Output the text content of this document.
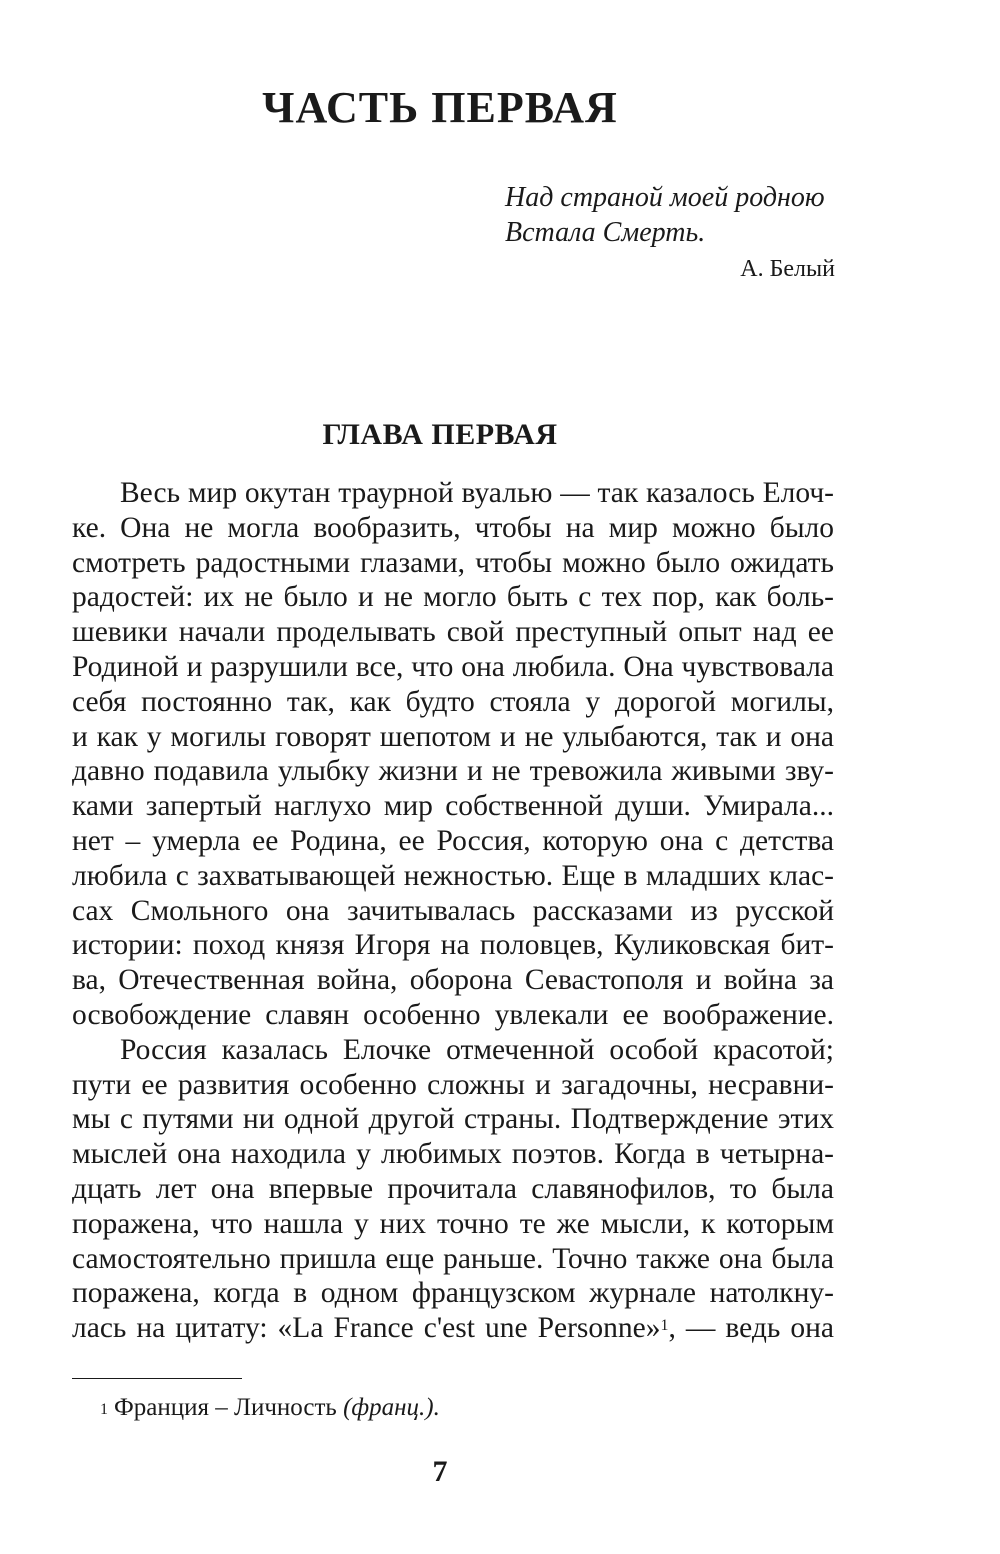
ЧАСТЬ ПЕРВАЯ
Над страной моей родною
Встала Смерть.
А. Белый
ГЛАВА ПЕРВАЯ
Весь мир окутан траурной вуалью — так казалось Елоч-
ке. Она не могла вообразить, чтобы на мир можно было
смотреть радостными глазами, чтобы можно было ожидать
радостей: их не было и не могло быть с тех пор, как боль-
шевики начали проделывать свой преступный опыт над ее
Родиной и разрушили все, что она любила. Она чувствовала
себя постоянно так, как будто стояла у дорогой могилы,
и как у могилы говорят шепотом и не улыбаются, так и она
давно подавила улыбку жизни и не тревожила живыми зву-
ками запертый наглухо мир собственной души. Умирала...
нет – умерла ее Родина, ее Россия, которую она с детства
любила с захватывающей нежностью. Еще в младших клас-
сах Смольного она зачитывалась рассказами из русской
истории: поход князя Игоря на половцев, Куликовская бит-
ва, Отечественная война, оборона Севастополя и война за
освобождение славян особенно увлекали ее воображение.
Россия казалась Елочке отмеченной особой красотой;
пути ее развития особенно сложны и загадочны, несравни-
мы с путями ни одной другой страны. Подтверждение этих
мыслей она находила у любимых поэтов. Когда в четырна-
дцать лет она впервые прочитала славянофилов, то была
поражена, что нашла у них точно те же мысли, к которым
самостоятельно пришла еще раньше. Точно также она была
поражена, когда в одном французском журнале натолкну-
лась на цитату: «La France c'est une Personne»$^1$, — ведь она
$^1$ Франция – Личность (франц.).
7
